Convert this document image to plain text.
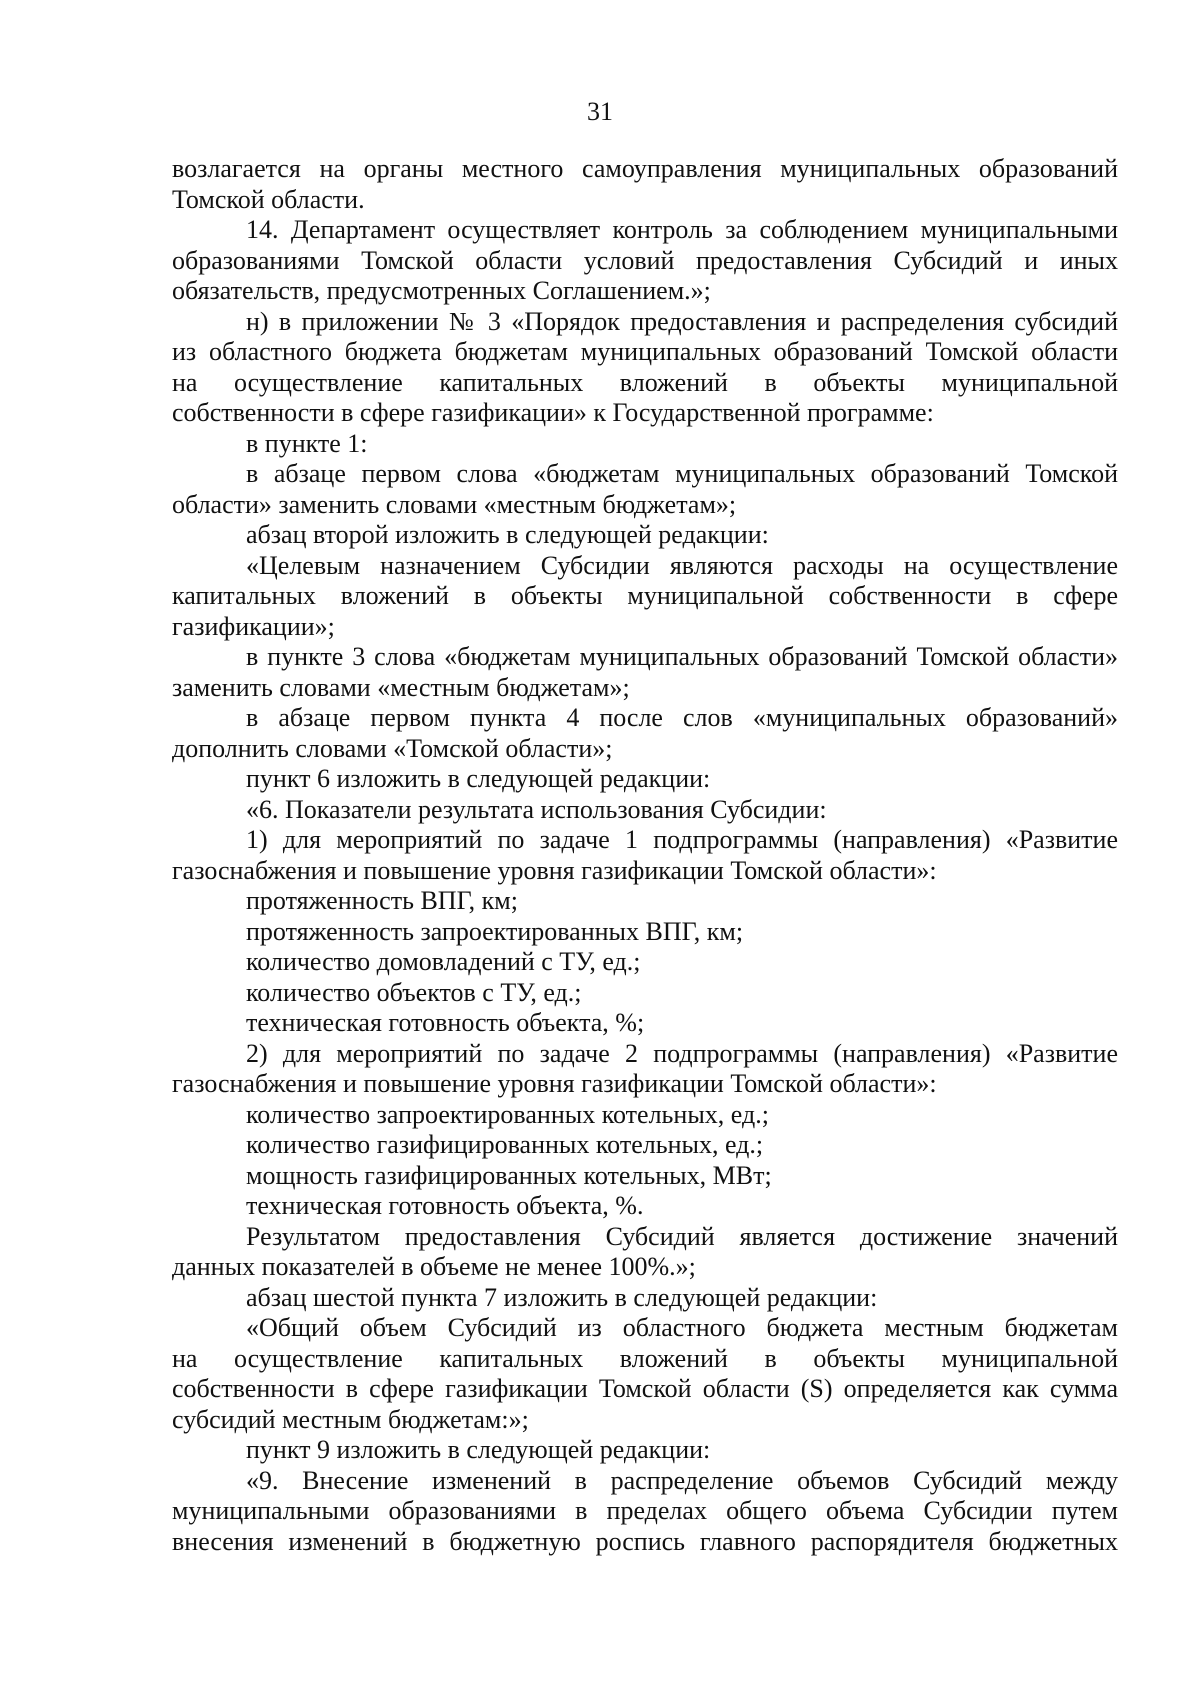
31
возлагается на органы местного самоуправления муниципальных образований
Томской области.
14. Департамент осуществляет контроль за соблюдением муниципальными
образованиями Томской области условий предоставления Субсидий и иных
обязательств, предусмотренных Соглашением.»;
н) в приложении № 3 «Порядок предоставления и распределения субсидий
из областного бюджета бюджетам муниципальных образований Томской области
на осуществление капитальных вложений в объекты муниципальной
собственности в сфере газификации» к Государственной программе:
в пункте 1:
в абзаце первом слова «бюджетам муниципальных образований Томской
области» заменить словами «местным бюджетам»;
абзац второй изложить в следующей редакции:
«Целевым назначением Субсидии являются расходы на осуществление
капитальных вложений в объекты муниципальной собственности в сфере
газификации»;
в пункте 3 слова «бюджетам муниципальных образований Томской области»
заменить словами «местным бюджетам»;
в абзаце первом пункта 4 после слов «муниципальных образований»
дополнить словами «Томской области»;
пункт 6 изложить в следующей редакции:
«6. Показатели результата использования Субсидии:
1) для мероприятий по задаче 1 подпрограммы (направления) «Развитие
газоснабжения и повышение уровня газификации Томской области»:
протяженность ВПГ, км;
протяженность запроектированных ВПГ, км;
количество домовладений с ТУ, ед.;
количество объектов с ТУ, ед.;
техническая готовность объекта, %;
2) для мероприятий по задаче 2 подпрограммы (направления) «Развитие
газоснабжения и повышение уровня газификации Томской области»:
количество запроектированных котельных, ед.;
количество газифицированных котельных, ед.;
мощность газифицированных котельных, МВт;
техническая готовность объекта, %.
Результатом предоставления Субсидий является достижение значений
данных показателей в объеме не менее 100%.»;
абзац шестой пункта 7 изложить в следующей редакции:
«Общий объем Субсидий из областного бюджета местным бюджетам
на осуществление капитальных вложений в объекты муниципальной
собственности в сфере газификации Томской области (S) определяется как сумма
субсидий местным бюджетам:»;
пункт 9 изложить в следующей редакции:
«9. Внесение изменений в распределение объемов Субсидий между
муниципальными образованиями в пределах общего объема Субсидии путем
внесения изменений в бюджетную роспись главного распорядителя бюджетных
